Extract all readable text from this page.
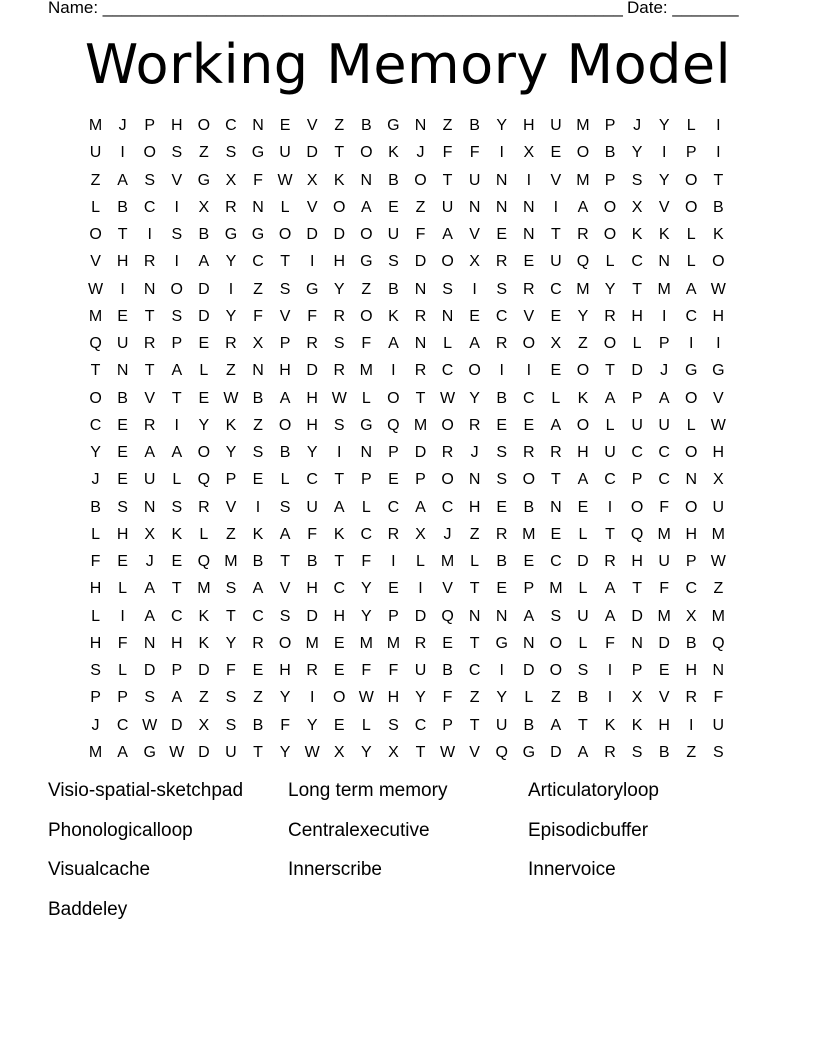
Name: _______________________________________________________ Date: _______
Working Memory Model
M	J	P H O C N E	V	Z	B G N	Z	B	Y H U M P	J	Y	L	I
U	I	O S	Z	S G U D	T O K	J	F	F	I	X	E O B	Y	I	P	I
Z	A	S	V G X	F W X	K N B O T	U N	I	V M P	S	Y O T
L	B C	I	X R N	L	V O A	E	Z	U N N N	I	A O X	V O B
O T	I	S	B G G O D D O U	F	A	V	E N	T	R O K	K	L	K
V H R	I	A	Y C	T	I	H G S D O X R E U Q	L	C N	L	O
W	I	N O D	I	Z	S G Y	Z	B N S	I	S R C M Y	T M A W
M E	T	S D Y	F	V	F	R O K R N E C V	E	Y R H	I	C H
Q U R P	E R X	P R S	F	A N	L	A R O X	Z O	L	P	I	I
T	N	T	A	L	Z	N H D R M	I	R C O	I	I	E O T	D	J	G G
O B	V	T	E W B	A H W L	O T W Y	B C	L	K	A	P	A O V
C E R	I	Y	K	Z O H S G Q M O R E	E	A O	L	U U	L W
Y	E	A	A O Y	S	B	Y	I	N P D R	J	S R R H U C C O H
J	E U	L	Q P	E	L	C	T	P	E	P O N S O T	A C P C N X
B	S N S R V	I	S U A	L	C A C H E	B N E	I	O F O U
L	H X	K	L	Z	K	A	F	K C R X	J	Z	R M E	L	T Q M H M
F	E	J	E Q M B	T	B	T	F	I	L M L	B	E C D R H U P W
H	L	A	T M S	A	V H C Y	E	I	V	T	E	P M L	A	T	F	C	Z
L	I	A C K	T	C S D H Y	P D Q N N A	S U A D M X M
H	F	N H K	Y R O M E M M R E	T G N O	L	F	N D B Q
S	L	D P D	F	E H R E	F	F	U B C	I	D O S	I	P	E H N
P	P	S	A	Z	S	Z	Y	I	O W H Y	F	Z	Y	L	Z	B	I	X	V R	F
J	C W D X	S	B	F	Y	E	L	S C P	T	U B	A	T	K	K H	I	U
M A G W D U	T	Y W X	Y	X	T W V Q G D A R S	B	Z	S
Visio-spatial-sketchpad	Long term memory	Articulatoryloop
Phonologicalloop	Centralexecutive	Episodicbuffer
Visualcache	Innerscribe	Innervoice
Baddeley
